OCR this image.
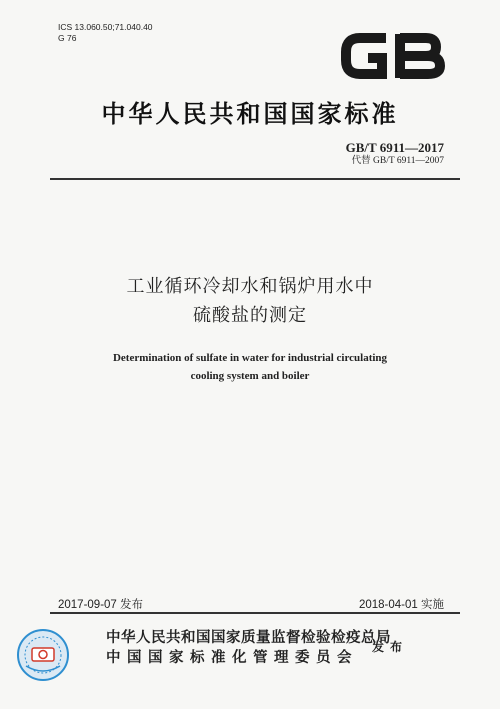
ICS 13.060.50;71.040.40
G 76
中华人民共和国国家标准
GB/T 6911—2017
代替 GB/T 6911—2007
工业循环冷却水和锅炉用水中
硫酸盐的测定
Determination of sulfate in water for industrial circulating
cooling system and boiler
2017-09-07 发布	2018-04-01 实施
中华人民共和国国家质量监督检验检疫总局
中国国家标准化管理委员会
发布
